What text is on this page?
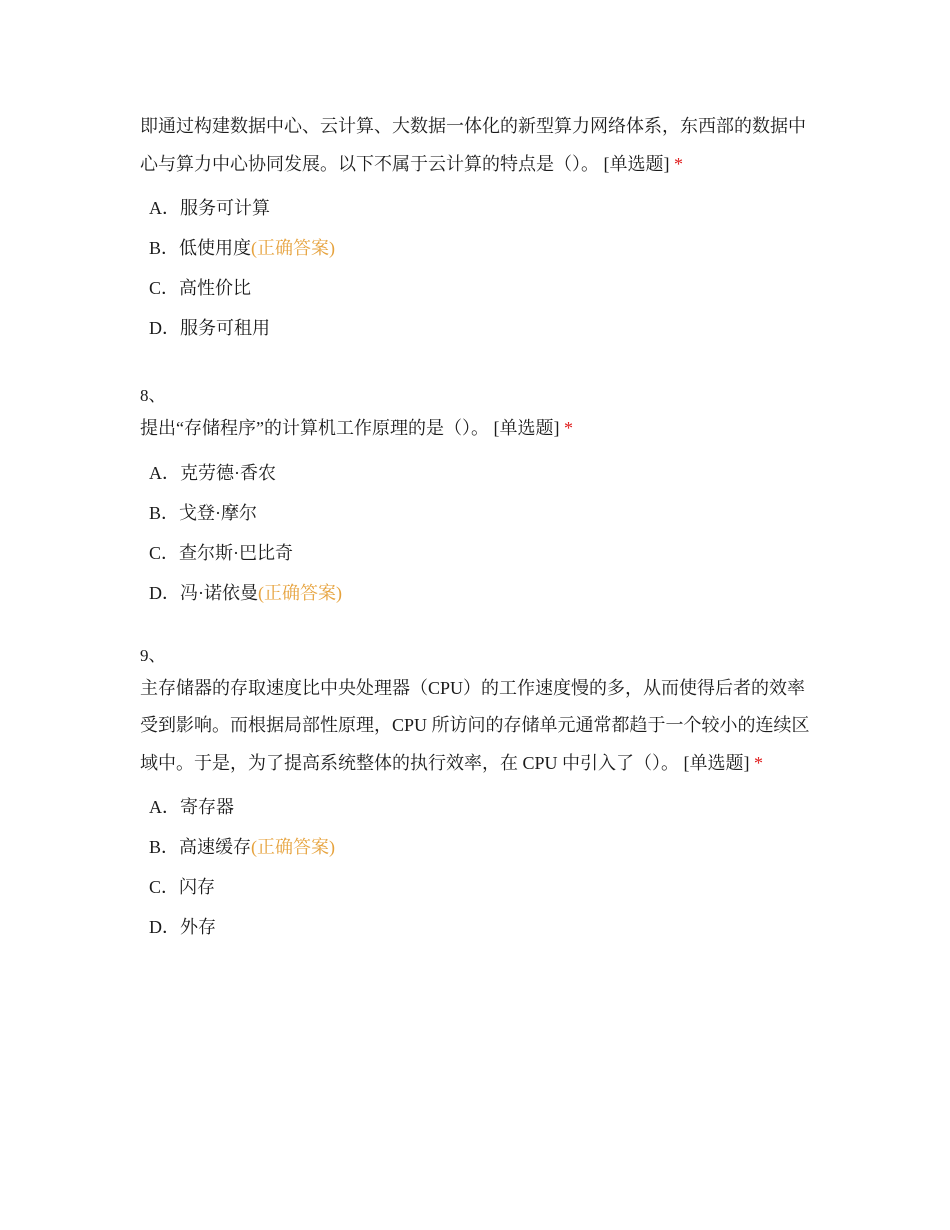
即通过构建数据中心、云计算、大数据一体化的新型算力网络体系，东西部的数据中心与算力中心协同发展。以下不属于云计算的特点是（）。 [单选题] *

A．服务可计算
B．低使用度(正确答案)
C．高性价比
D．服务可租用
8、

提出“存储程序”的计算机工作原理的是（）。 [单选题] *

A．克劳德·香农
B．戈登·摩尔
C．查尔斯·巴比奇
D．冯·诺依曼(正确答案)
9、

主存储器的存取速度比中央处理器（CPU）的工作速度慢的多，从而使得后者的效率受到影响。而根据局部性原理，CPU 所访问的存储单元通常都趋于一个较小的连续区域中。于是，为了提高系统整体的执行效率，在 CPU 中引入了（）。 [单选题] *

A．寄存器
B．高速缓存(正确答案)
C．闪存
D．外存
